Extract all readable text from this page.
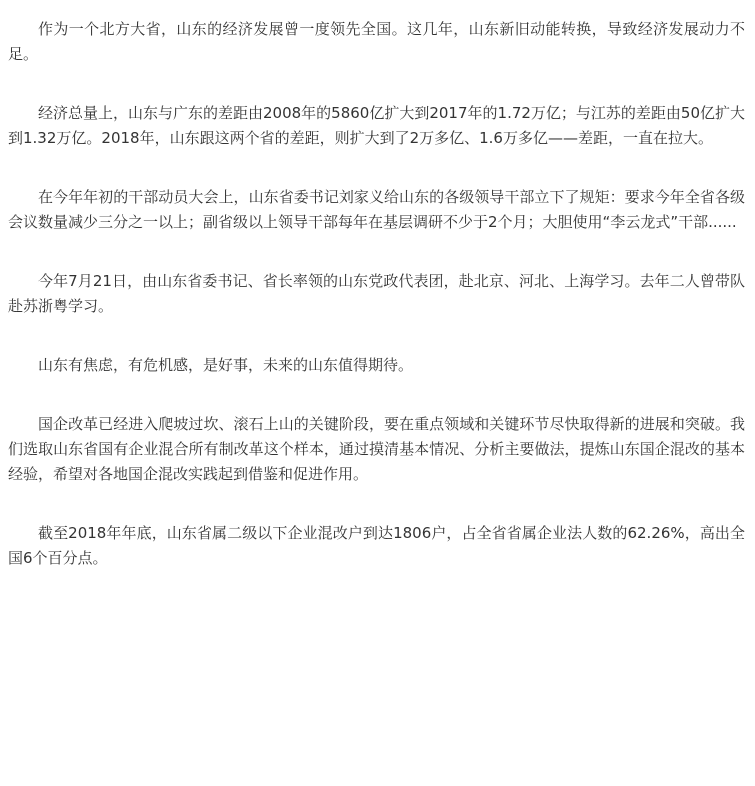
作为一个北方大省，山东的经济发展曾一度领先全国。这几年，山东新旧动能转换，导致经济发展动力不足。

经济总量上，山东与广东的差距由2008年的5860亿扩大到2017年的1.72万亿；与江苏的差距由50亿扩大到1.32万亿。2018年，山东跟这两个省的差距，则扩大到了2万多亿、1.6万多亿——差距，一直在拉大。

在今年年初的干部动员大会上，山东省委书记刘家义给山东的各级领导干部立下了规矩：要求今年全省各级会议数量减少三分之一以上；副省级以上领导干部每年在基层调研不少于2个月；大胆使用“李云龙式”干部......

今年7月21日，由山东省委书记、省长率领的山东党政代表团，赴北京、河北、上海学习。去年二人曾带队赴苏浙粤学习。

山东有焦虑，有危机感，是好事，未来的山东值得期待。

国企改革已经进入爬坡过坎、滚石上山的关键阶段，要在重点领域和关键环节尽快取得新的进展和突破。我们选取山东省国有企业混合所有制改革这个样本，通过摸清基本情况、分析主要做法，提炼山东国企混改的基本经验，希望对各地国企混改实践起到借鉴和促进作用。

截至2018年年底，山东省属二级以下企业混改户到达1806户，占全省省属企业法人数的62.26%，高出全国6个百分点。
